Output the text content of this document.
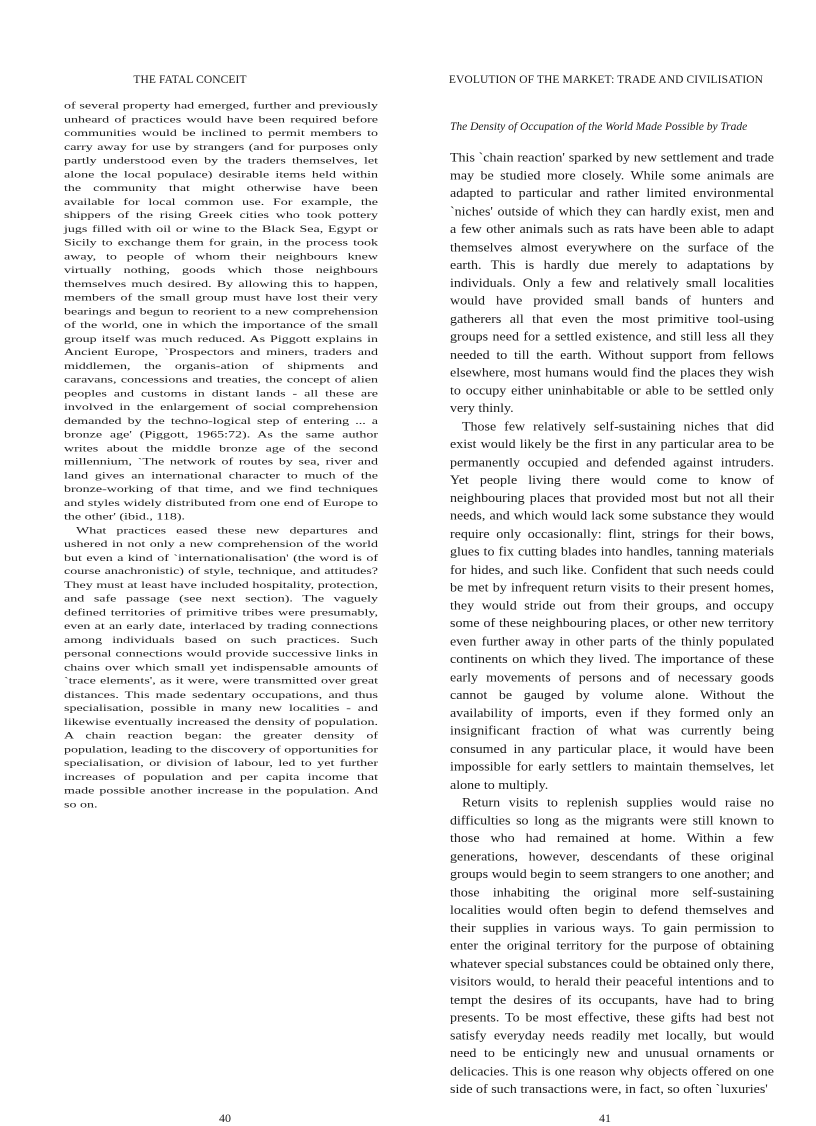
THE FATAL CONCEIT

of several property had emerged, further and previously unheard of practices would have been required before communities would be inclined to permit members to carry away for use by strangers (and for purposes only partly understood even by the traders themselves, let alone the local populace) desirable items held within the community that might otherwise have been available for local common use. For example, the shippers of the rising Greek cities who took pottery jugs filled with oil or wine to the Black Sea, Egypt or Sicily to exchange them for grain, in the process took away, to people of whom their neighbours knew virtually nothing, goods which those neighbours themselves much desired. By allowing this to happen, members of the small group must have lost their very bearings and begun to reorient to a new comprehension of the world, one in which the importance of the small group itself was much reduced. As Piggott explains in Ancient Europe, `Prospectors and miners, traders and middlemen, the organis-ation of shipments and caravans, concessions and treaties, the concept of alien peoples and customs in distant lands - all these are involved in the enlargement of social comprehension demanded by the techno-logical step of entering ... a bronze age' (Piggott, 1965:72). As the same author writes about the middle bronze age of the second millennium, `The network of routes by sea, river and land gives an international character to much of the bronze-working of that time, and we find techniques and styles widely distributed from one end of Europe to the other' (ibid., 118).

What practices eased these new departures and ushered in not only a new comprehension of the world but even a kind of `internationalisation' (the word is of course anachronistic) of style, technique, and attitudes? They must at least have included hospitality, protection, and safe passage (see next section). The vaguely defined territories of primitive tribes were presumably, even at an early date, interlaced by trading connections among individuals based on such practices. Such personal connections would provide successive links in chains over which small yet indispensable amounts of `trace elements', as it were, were transmitted over great distances. This made sedentary occupations, and thus specialisation, possible in many new localities - and likewise eventually increased the density of population. A chain reaction began: the greater density of population, leading to the discovery of opportunities for specialisation, or division of labour, led to yet further increases of population and per capita income that made possible another increase in the population. And so on.

40
EVOLUTION OF THE MARKET: TRADE AND CIVILISATION
The Density of Occupation of the World Made Possible by Trade

This `chain reaction' sparked by new settlement and trade may be studied more closely. While some animals are adapted to particular and rather limited environmental `niches' outside of which they can hardly exist, men and a few other animals such as rats have been able to adapt themselves almost everywhere on the surface of the earth. This is hardly due merely to adaptations by individuals. Only a few and relatively small localities would have provided small bands of hunters and gatherers all that even the most primitive tool-using groups need for a settled existence, and still less all they needed to till the earth. Without support from fellows elsewhere, most humans would find the places they wish to occupy either uninhabitable or able to be settled only very thinly.

Those few relatively self-sustaining niches that did exist would likely be the first in any particular area to be permanently occupied and defended against intruders. Yet people living there would come to know of neighbouring places that provided most but not all their needs, and which would lack some substance they would require only occasionally: flint, strings for their bows, glues to fix cutting blades into handles, tanning materials for hides, and such like. Confident that such needs could be met by infrequent return visits to their present homes, they would stride out from their groups, and occupy some of these neighbouring places, or other new territory even further away in other parts of the thinly populated continents on which they lived. The importance of these early movements of persons and of necessary goods cannot be gauged by volume alone. Without the availability of imports, even if they formed only an insignificant fraction of what was currently being consumed in any particular place, it would have been impossible for early settlers to maintain themselves, let alone to multiply.

Return visits to replenish supplies would raise no difficulties so long as the migrants were still known to those who had remained at home. Within a few generations, however, descendants of these original groups would begin to seem strangers to one another; and those inhabiting the original more self-sustaining localities would often begin to defend themselves and their supplies in various ways. To gain permission to enter the original territory for the purpose of obtaining whatever special substances could be obtained only there, visitors would, to herald their peaceful intentions and to tempt the desires of its occupants, have had to bring presents. To be most effective, these gifts had best not satisfy everyday needs readily met locally, but would need to be enticingly new and unusual ornaments or delicacies. This is one reason why objects offered on one side of such transactions were, in fact, so often `luxuries'

41
